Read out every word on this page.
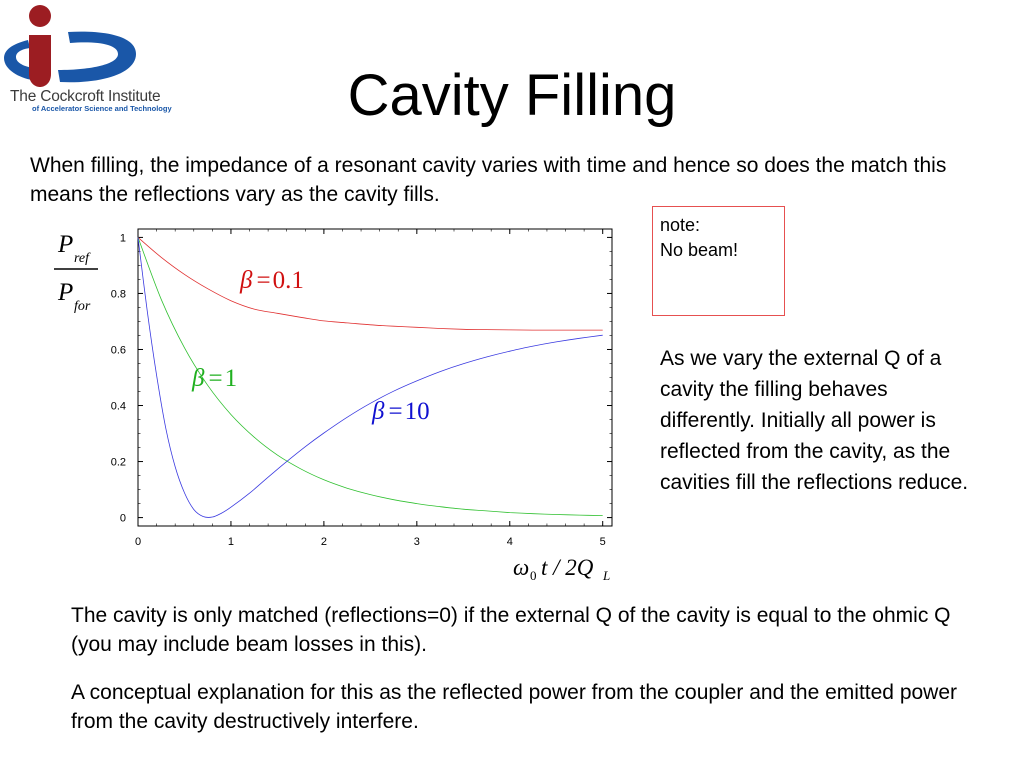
The Cockcroft Institute
of Accelerator Science and Technology	Cavity Filling
When filling, the impedance of a resonant cavity varies with time and hence so does the match this means the reflections vary as the cavity fills.
0	1	2	3	4	5
0
0.2
0.4
0.6
0.8
1
β =0.1
β =1
β =10
P
ref
P
for
ω 0 t / 2Q L
note:
No beam!
As we vary the external Q of a cavity the filling behaves differently. Initially all power is reflected from the cavity, as the cavities fill the reflections reduce.
The cavity is only matched (reflections=0) if the external Q of the cavity is equal to the ohmic Q (you may include beam losses in this).
A conceptual explanation for this as the reflected power from the coupler and the emitted power from the cavity destructively interfere.
